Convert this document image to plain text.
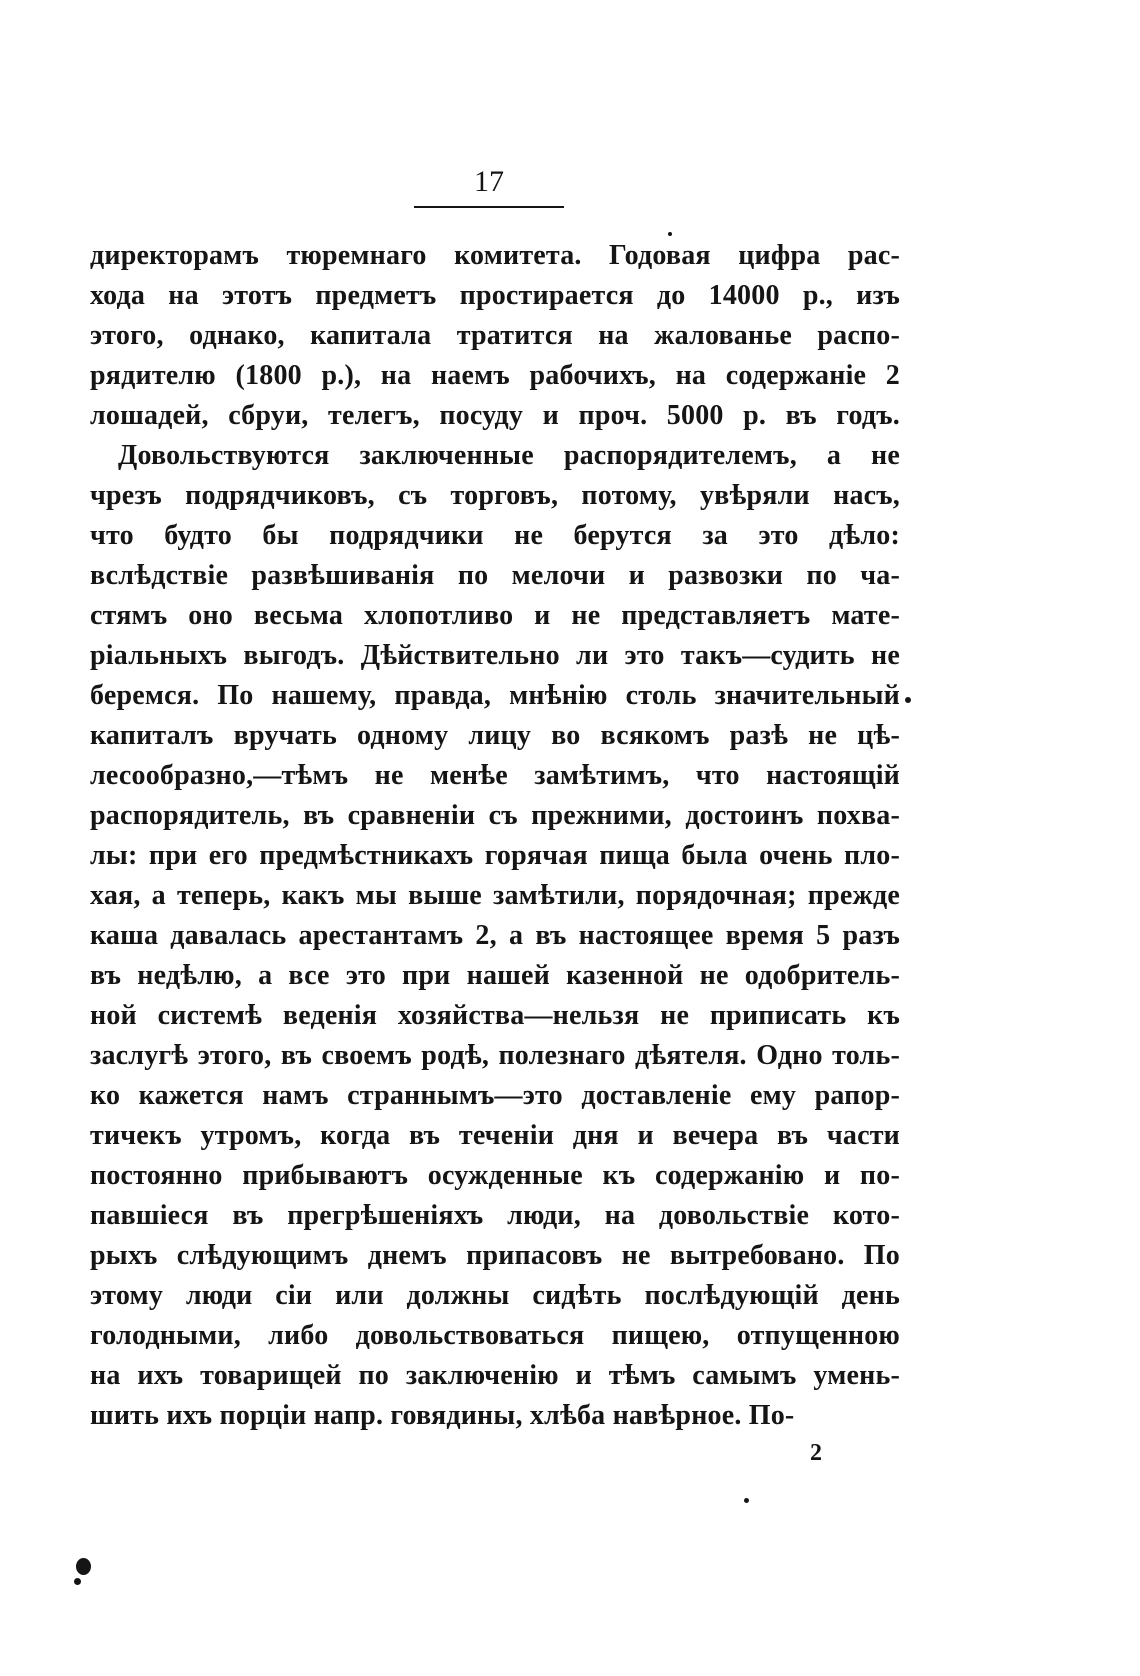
17
директорамъ тюремнаго комитета. Годовая цифра рас-
хода на этотъ предметъ простирается до 14000 р., изъ
этого, однако, капитала тратится на жалованье распо-
рядителю (1800 р.), на наемъ рабочихъ, на содержаніе 2
лошадей, сбруи, телегъ, посуду и проч. 5000 р. въ годъ.
Довольствуются заключенные распорядителемъ, а не
чрезъ подрядчиковъ, съ торговъ, потому, увѣряли насъ,
что будто бы подрядчики не берутся за это дѣло:
вслѣдствіе развѣшиванія по мелочи и развозки по ча-
стямъ оно весьма хлопотливо и не представляетъ мате-
ріальныхъ выгодъ. Дѣйствительно ли это такъ—судить не
беремся. По нашему, правда, мнѣнію столь значительный
капиталъ вручать одному лицу во всякомъ разѣ не цѣ-
лесообразно,—тѣмъ не менѣе замѣтимъ, что настоящій
распорядитель, въ сравненіи съ прежними, достоинъ похва-
лы: при его предмѣстникахъ горячая пища была очень пло-
хая, а теперь, какъ мы выше замѣтили, порядочная; прежде
каша давалась арестантамъ 2, а въ настоящее время 5 разъ
въ недѣлю, а все это при нашей казенной не одобритель-
ной системѣ веденія хозяйства—нельзя не приписать къ
заслугѣ этого, въ своемъ родѣ, полезнаго дѣятеля. Одно толь-
ко кажется намъ страннымъ—это доставленіе ему рапор-
тичекъ утромъ, когда въ теченіи дня и вечера въ части
постоянно прибываютъ осужденные къ содержанію и по-
павшіеся въ прегрѣшеніяхъ люди, на довольствіе кото-
рыхъ слѣдующимъ днемъ припасовъ не вытребовано. По
этому люди сіи или должны сидѣть послѣдующій день
голодными, либо довольствоваться пищею, отпущенною
на ихъ товарищей по заключенію и тѣмъ самымъ умень-
шить ихъ порціи напр. говядины, хлѣба навѣрное. По-
2
